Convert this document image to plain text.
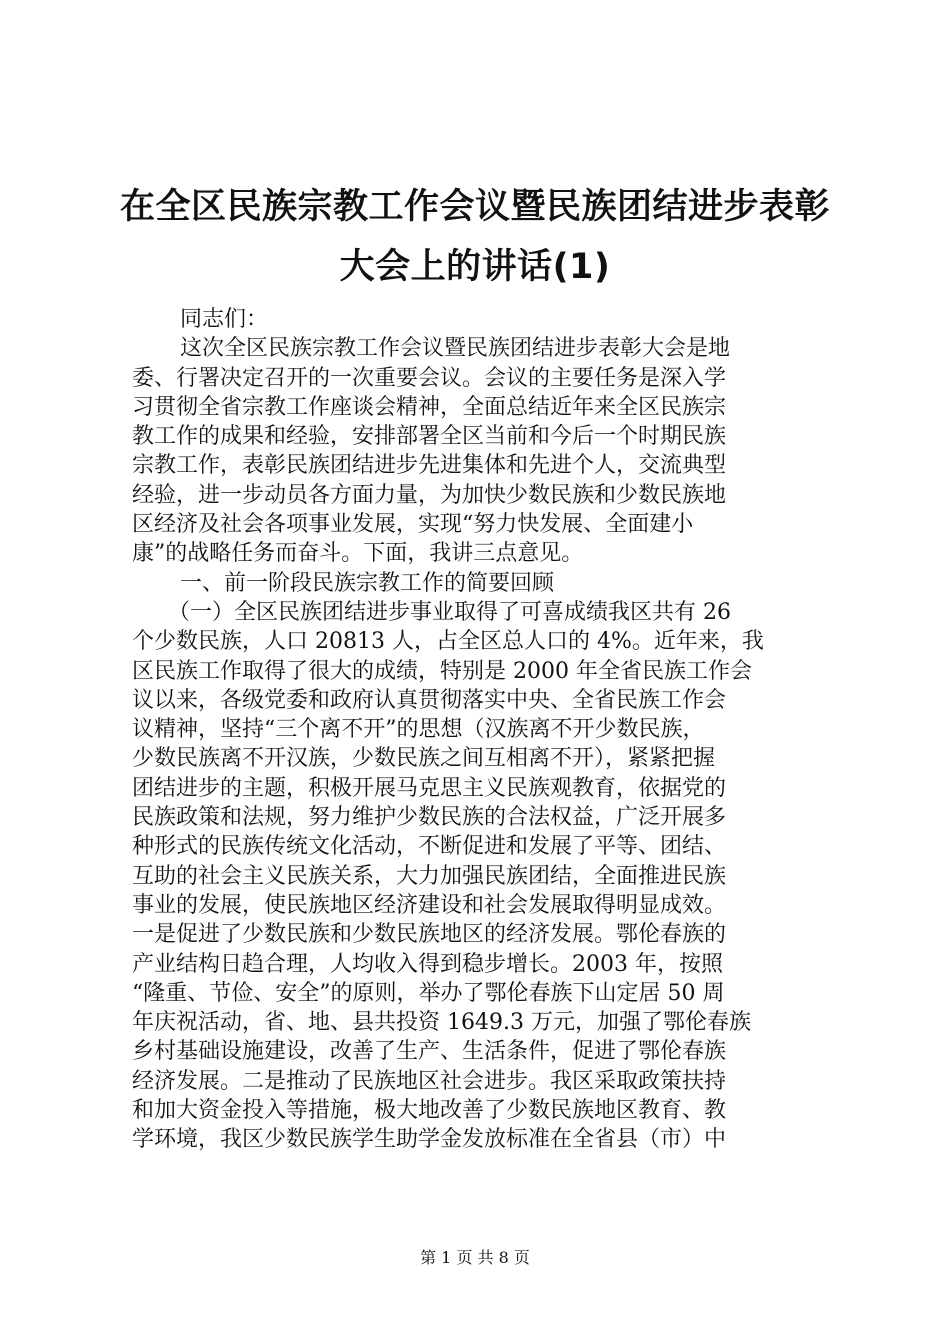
在全区民族宗教工作会议暨民族团结进步表彰
大会上的讲话(1)
同志们：
这次全区民族宗教工作会议暨民族团结进步表彰大会是地
委、行署决定召开的一次重要会议。会议的主要任务是深入学
习贯彻全省宗教工作座谈会精神，全面总结近年来全区民族宗
教工作的成果和经验，安排部署全区当前和今后一个时期民族
宗教工作，表彰民族团结进步先进集体和先进个人，交流典型
经验，进一步动员各方面力量，为加快少数民族和少数民族地
区经济及社会各项事业发展，实现“努力快发展、全面建小
康”的战略任务而奋斗。下面，我讲三点意见。
一、前一阶段民族宗教工作的简要回顾
（一）全区民族团结进步事业取得了可喜成绩我区共有 26
个少数民族，人口 20813 人，占全区总人口的 4%。近年来，我
区民族工作取得了很大的成绩，特别是 2000 年全省民族工作会
议以来，各级党委和政府认真贯彻落实中央、全省民族工作会
议精神，坚持“三个离不开”的思想（汉族离不开少数民族，
少数民族离不开汉族，少数民族之间互相离不开），紧紧把握
团结进步的主题，积极开展马克思主义民族观教育，依据党的
民族政策和法规，努力维护少数民族的合法权益，广泛开展多
种形式的民族传统文化活动，不断促进和发展了平等、团结、
互助的社会主义民族关系，大力加强民族团结，全面推进民族
事业的发展，使民族地区经济建设和社会发展取得明显成效。
一是促进了少数民族和少数民族地区的经济发展。鄂伦春族的
产业结构日趋合理，人均收入得到稳步增长。2003 年，按照
“隆重、节俭、安全”的原则，举办了鄂伦春族下山定居 50 周
年庆祝活动，省、地、县共投资 1649.3 万元，加强了鄂伦春族
乡村基础设施建设，改善了生产、生活条件，促进了鄂伦春族
经济发展。二是推动了民族地区社会进步。我区采取政策扶持
和加大资金投入等措施，极大地改善了少数民族地区教育、教
学环境，我区少数民族学生助学金发放标准在全省县（市）中
第 1 页 共 8 页
